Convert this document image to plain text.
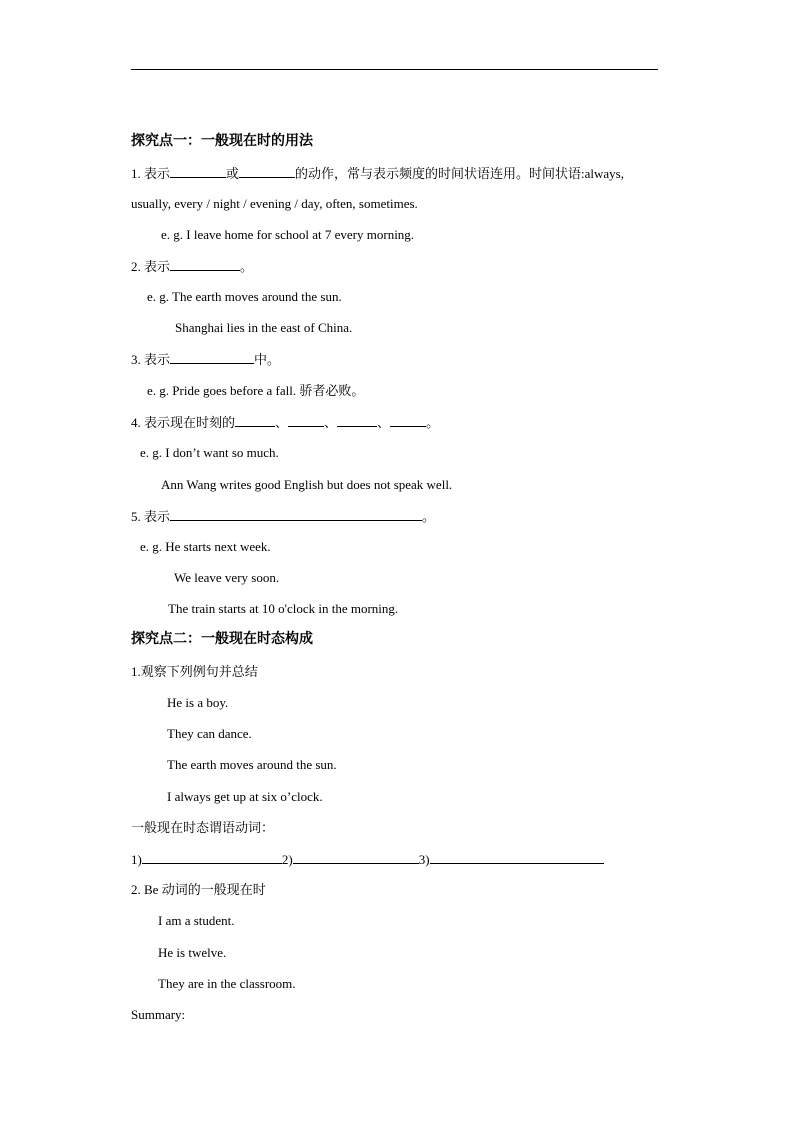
探究点一：一般现在时的用法
1. 表示	或	的动作，常与表示频度的时间状语连用。时间状语:always,
usually, every / night / evening / day, often, sometimes.
e. g. I leave home for school at 7 every morning.
2. 表示	。
e. g. The earth moves around the sun.
Shanghai lies in the east of China.
3. 表示	中。
e. g. Pride goes before a fall. 骄者必败。
4. 表示现在时刻的	、	、	、	。
e. g. I don’t want so much.
Ann Wang writes good English but does not speak well.
5. 表示	。
e. g. He starts next week.
We leave very soon.
The train starts at 10 o'clock in the morning.
探究点二：一般现在时态构成
1.观察下列例句并总结
He is a boy.
They can dance.
The earth moves around the sun.
I always get up at six o’clock.
一般现在时态谓语动词：
1)	2)	3)
2. Be 动词的一般现在时
I am a student.
He is twelve.
They are in the classroom.
Summary:
